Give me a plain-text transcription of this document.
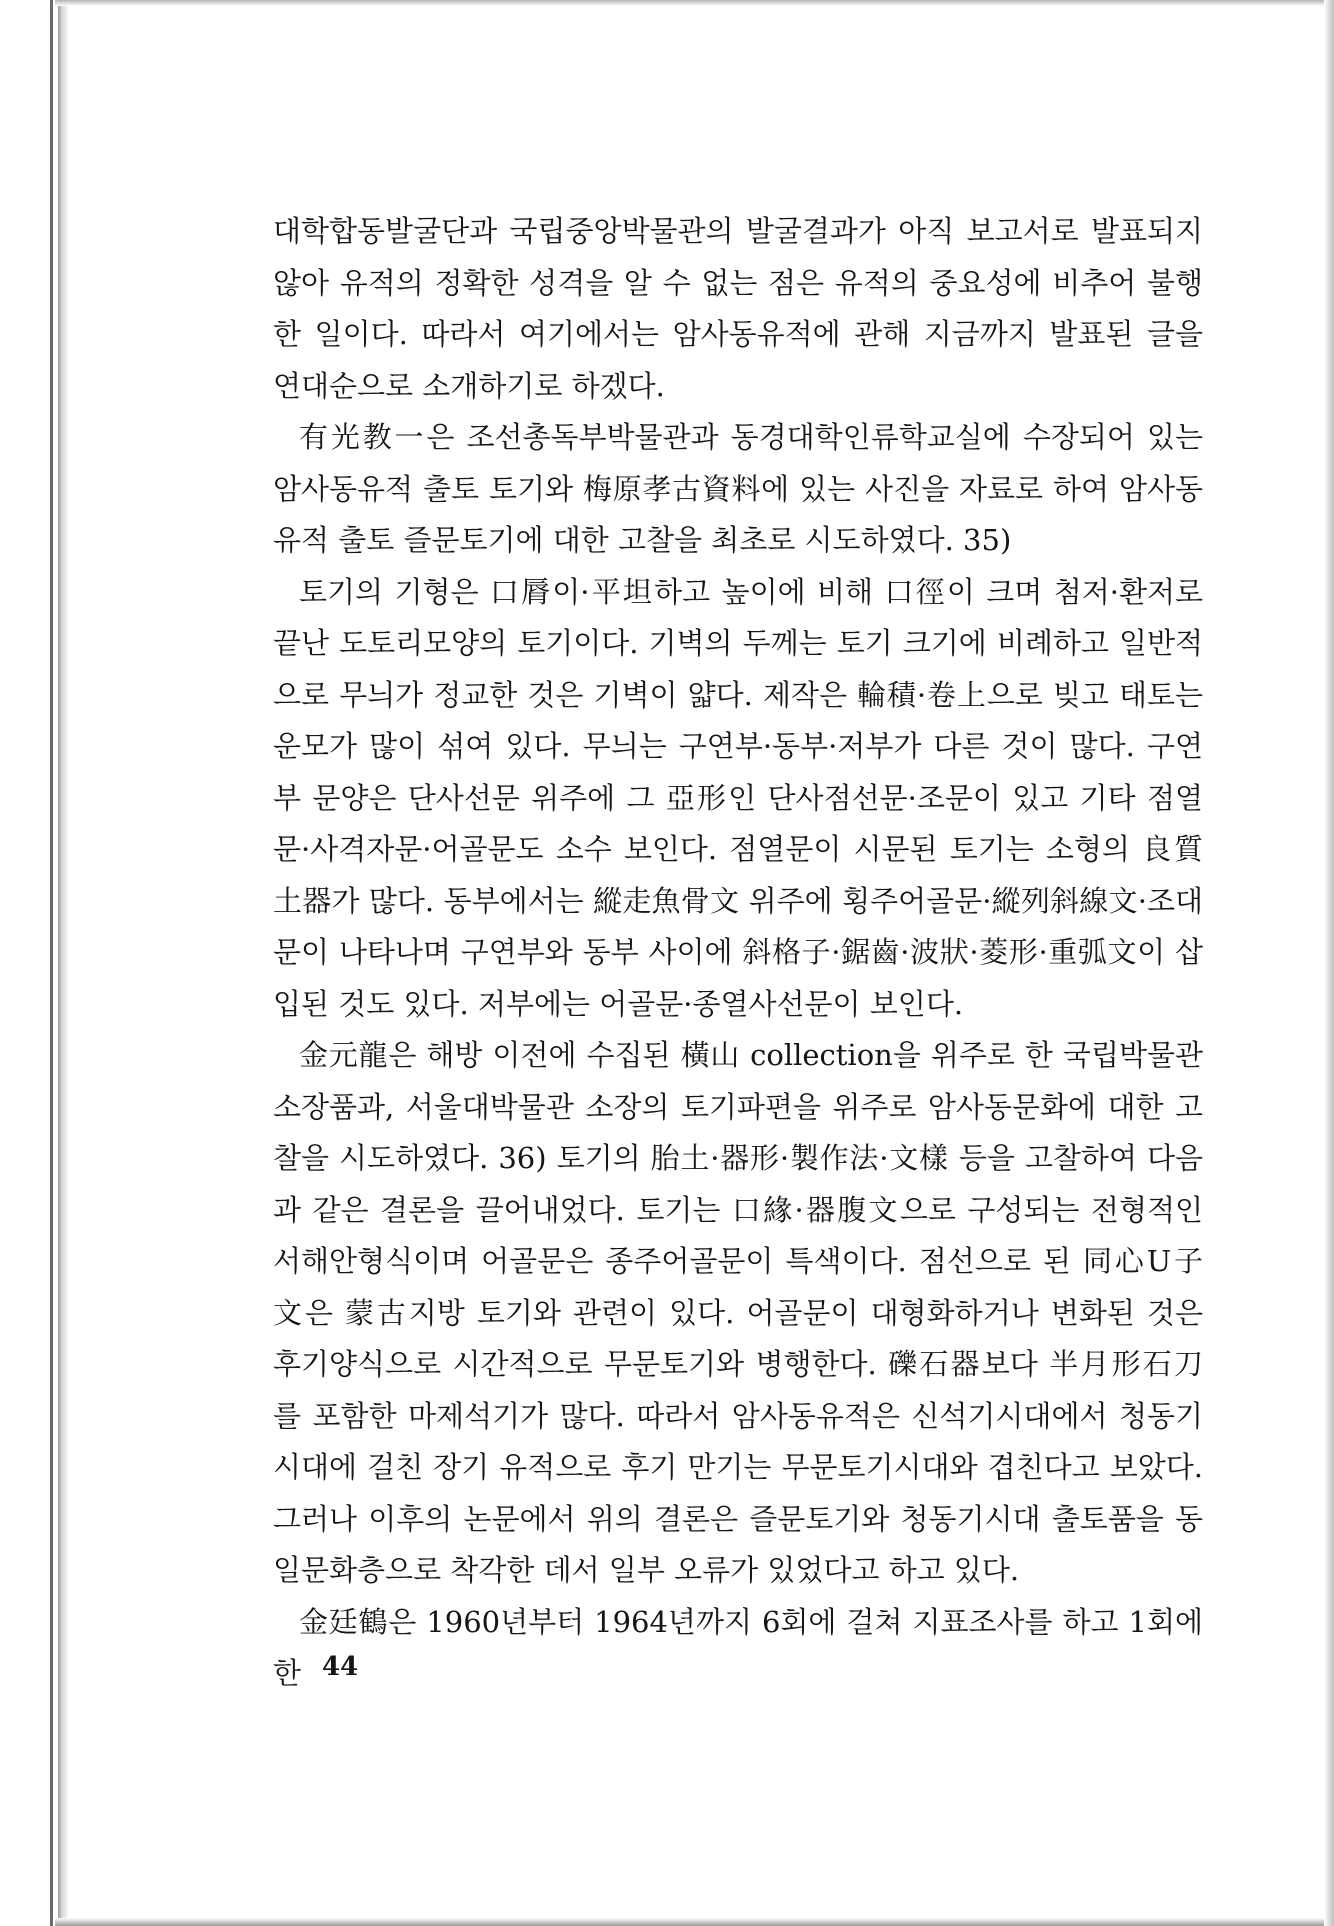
대학합동발굴단과 국립중앙박물관의 발굴결과가 아직 보고서로 발표되지 않아 유적의 정확한 성격을 알 수 없는 점은 유적의 중요성에 비추어 불행한 일이다. 따라서 여기에서는 암사동유적에 관해 지금까지 발표된 글을 연대순으로 소개하기로 하겠다.

有光教一은 조선총독부박물관과 동경대학인류학교실에 수장되어 있는 암사동유적 출토 토기와 梅原孝古資料에 있는 사진을 자료로 하여 암사동유적 출토 즐문토기에 대한 고찰을 최초로 시도하였다. 35)

토기의 기형은 口脣이·平坦하고 높이에 비해 口徑이 크며 첨저·환저로 끝난 도토리모양의 토기이다. 기벽의 두께는 토기 크기에 비례하고 일반적으로 무늬가 정교한 것은 기벽이 얇다. 제작은 輪積·卷上으로 빚고 태토는 운모가 많이 섞여 있다. 무늬는 구연부·동부·저부가 다른 것이 많다. 구연부 문양은 단사선문 위주에 그 亞形인 단사점선문·조문이 있고 기타 점열문·사격자문·어골문도 소수 보인다. 점열문이 시문된 토기는 소형의 良質土器가 많다. 동부에서는 縱走魚骨文 위주에 횡주어골문·縱列斜線文·조대문이 나타나며 구연부와 동부 사이에 斜格子·鋸齒·波狀·菱形·重弧文이 삽입된 것도 있다. 저부에는 어골문·종열사선문이 보인다.

金元龍은 해방 이전에 수집된 橫山 collection을 위주로 한 국립박물관 소장품과, 서울대박물관 소장의 토기파편을 위주로 암사동문화에 대한 고찰을 시도하였다. 36) 토기의 胎土·器形·製作法·文樣 등을 고찰하여 다음과 같은 결론을 끌어내었다. 토기는 口緣·器腹文으로 구성되는 전형적인 서해안형식이며 어골문은 종주어골문이 특색이다. 점선으로 된 同心U子文은 蒙古지방 토기와 관련이 있다. 어골문이 대형화하거나 변화된 것은 후기양식으로 시간적으로 무문토기와 병행한다. 礫石器보다 半月形石刀를 포함한 마제석기가 많다. 따라서 암사동유적은 신석기시대에서 청동기시대에 걸친 장기 유적으로 후기 만기는 무문토기시대와 겹친다고 보았다. 그러나 이후의 논문에서 위의 결론은 즐문토기와 청동기시대 출토품을 동일문화층으로 착각한 데서 일부 오류가 있었다고 하고 있다.

金廷鶴은 1960년부터 1964년까지 6회에 걸쳐 지표조사를 하고 1회에 한 44
